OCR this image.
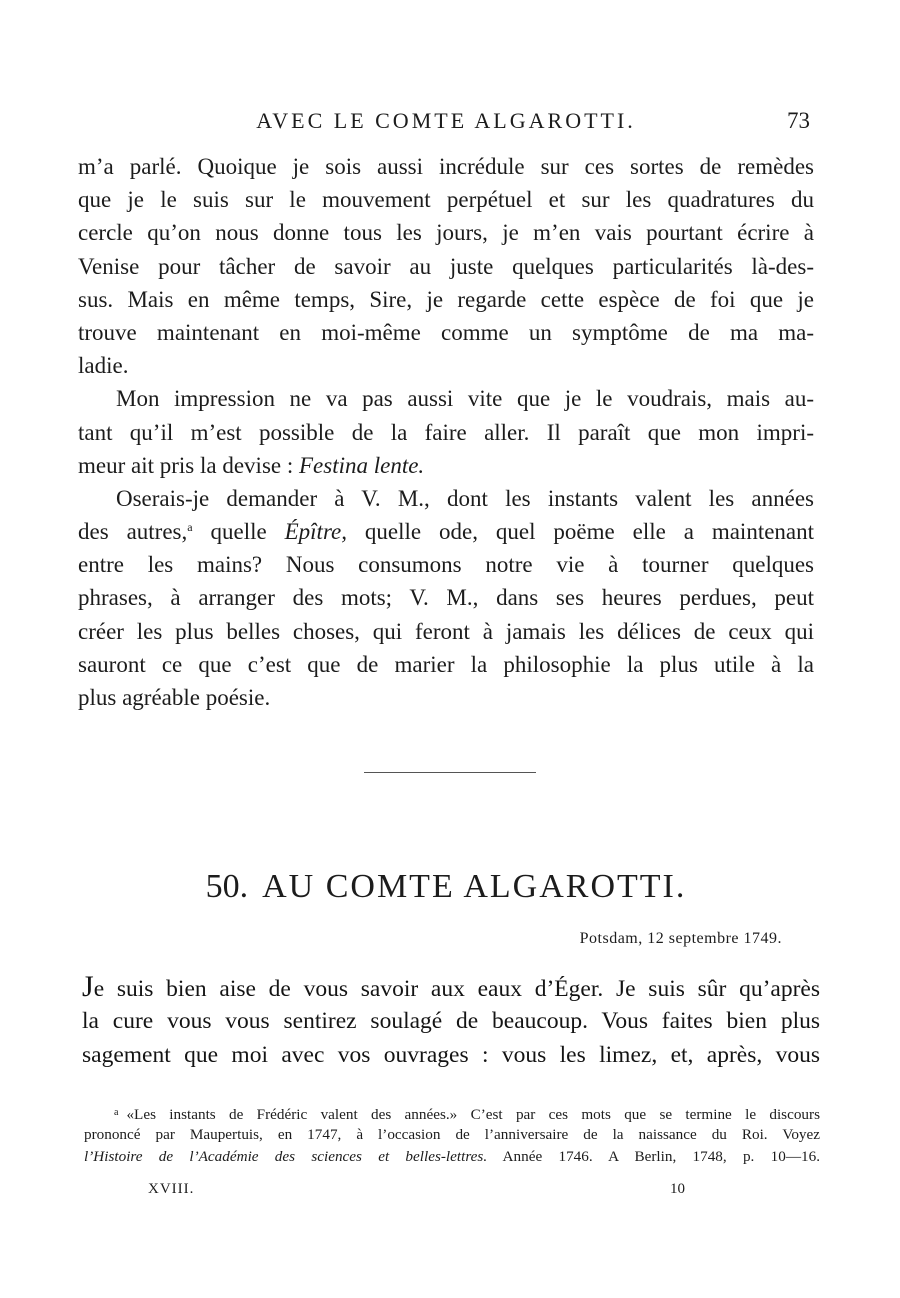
AVEC LE COMTE ALGAROTTI.	73
m’a parlé. Quoique je sois aussi incrédule sur ces sortes de remèdes
que je le suis sur le mouvement perpétuel et sur les quadratures du
cercle qu’on nous donne tous les jours, je m’en vais pourtant écrire à
Venise pour tâcher de savoir au juste quelques particularités là-des-
sus. Mais en même temps, Sire, je regarde cette espèce de foi que je
trouve maintenant en moi-même comme un symptôme de ma ma-
ladie.
Mon impression ne va pas aussi vite que je le voudrais, mais au-
tant qu’il m’est possible de la faire aller. Il paraît que mon impri-
meur ait pris la devise : Festina lente.
Oserais-je demander à V. M., dont les instants valent les années
des autres,$^a$ quelle Épître, quelle ode, quel poëme elle a maintenant
entre les mains? Nous consumons notre vie à tourner quelques
phrases, à arranger des mots; V. M., dans ses heures perdues, peut
créer les plus belles choses, qui feront à jamais les délices de ceux qui
sauront ce que c’est que de marier la philosophie la plus utile à la
plus agréable poésie.
50. AU COMTE ALGAROTTI.
Potsdam, 12 septembre 1749.
Je suis bien aise de vous savoir aux eaux d’Éger. Je suis sûr qu’après
la cure vous vous sentirez soulagé de beaucoup. Vous faites bien plus
sagement que moi avec vos ouvrages : vous les limez, et, après, vous
$^a$ «Les instants de Frédéric valent des années.» C’est par ces mots que se termine le discours
prononcé par Maupertuis, en 1747, à l’occasion de l’anniversaire de la naissance du Roi. Voyez
l’Histoire de l’Académie des sciences et belles-lettres. Année 1746. A Berlin, 1748, p. 10—16.
XVIII.	10
